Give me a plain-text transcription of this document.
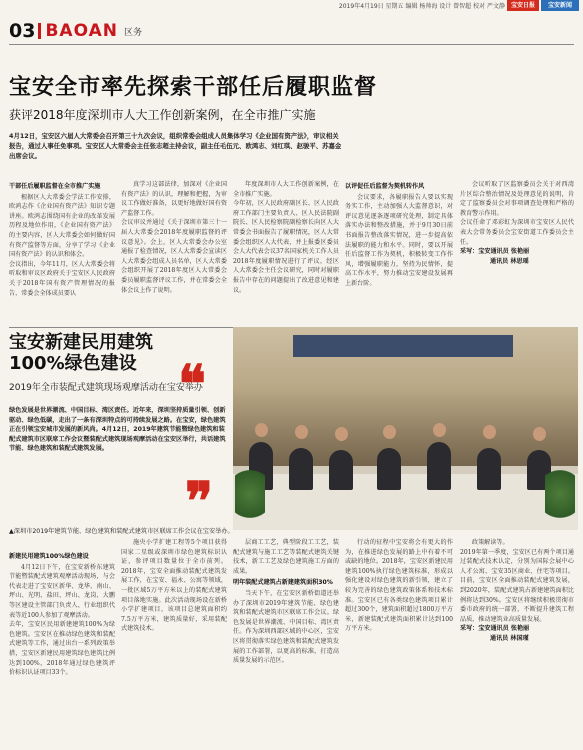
2019年4月19日 星期五 编辑 杨帅海 设计 曾智超 校对 严文静 宝安日报	宝安新闻
03 BAOAN 区务
宝安全市率先探索干部任后履职监督
获评2018年度深圳市人大工作创新案例，在全市推广实施
4月12日，宝安区六届人大常委会召开第三十九次会议，组织常委会组成人员集体学习《企业国有资产法》，审议相关报告，通过人事任免事项。宝安区人大常委会主任张志超主持会议，副主任毛伍元、欧鸿志、刘红琪、赵骏平、苏嘉金出席会议。

干部任后履职监督在全市推广实施

根据区人大常委会学法工作安排，欧鸿志作《企业国有资产法》知识专题讲座。欧鸿志围绕国有企业的改革发展历程及地位作用，《企业国有资产法》的主要内容，区人大常委会如何做好国有资产监督等方面，分享了学习《企业国有资产法》的认识和体会。
会议指出，今年11月，区人大常委会将听取和审议区政府关于宝安区人民政府关于2018年国有资产管理情况的报告，常委会全体成员要认

真学习这部法律，加深对《企业国有资产法》的认识，理解和把握，为审议工作做好准备，以更好地做好国有资产监督工作。
会议审议并通过《关于深圳市第三十一届人大常委会2018年度履职监督的评议意见》。会上，区人大常委会办公室通报了检查情况，区人大常委会宣读区人大常委会组成人员名单，区人大常委会组织开展了2018年度区人大常委会委员履职监督评议工作，并在常委会全体会议上作了说明。

年度深圳市人大工作创新案例，在全市推广实施。
今年初，区人民政府副区长、区人民政府工作部门主要负责人、区人民法院副院长、区人民检察院副检察长向区人大常委会书面报告了履职情况，区人大常委会组织区人大代表，并上报委区委员会人大代表会议37名国家机关工作人员2018年度履职情况进行了评议，经区人大常委会主任会议研究，同时对履职报告中存在的问题提出了改进意见和建议。

以评促任后监督为契机转作风

会议要求，各履职报告人要以实现务实工作，主动加强人大监督意识，对评议意见逐条逐项研究处理，制定具体落实办法和整改措施，并于9月30日前书面报告整改落实情况，进一步提高依法履职的能力和水平。同时，要以开展任后监督工作为契机，积极转变工作作风，增强履职能力，坚持为民情怀，提高工作水平，努力推动宝安建设发展再上新台阶。

会议听取了区监察委员会关于对西湾片区综合整治情况及处理意见的说明，肯定了监察委员会对事项调查处理和严格的教育警示作用。
会议任命了邓彩虹为深圳市宝安区人民代表大会常务委员会宝安街道工作委员会主任。

采写：宝安通讯员 张艳丽

通讯员 林思瑶

宝安新建民用建筑
100%绿色建设
2019年全市装配式建筑现场观摩活动在宝安举办
绿色发展是世界潮流、中国目标、湾区责任。近年来，深圳坚持质量引领、创新驱动、绿色低碳，走出了一条有深圳特点的可持续发展之路。在宝安，绿色建筑正在引领宝安城市发展的新风尚。4月12日，2019年建筑节能暨绿色建筑和装配式建筑市区联席工作会议暨装配式建筑现场观摩活动在宝安区举行，共话建筑节能、绿色建筑和装配式建筑发展。
❝
❞
▲深圳市2019年建筑节能、绿色建筑和装配式建筑市区联席工作会议在宝安举办。

新建民用建筑100%绿色建设

4月12日下午，在宝安新桥东建筑节能暨装配式建筑观摩活动现场，与会代表走进了宝安区新华、龙华、南山、坪山、光明、盐田、坪山、龙岗、大鹏等区建设主管部门负责人、行业组织代表等近100人参加了观摩活动。
去年，宝安区民用新建建筑100%为绿色建筑。宝安区在推动绿色建筑和装配式建筑等工作，通过出台一系列政策举措，宝安区新建民用建筑绿色建筑比例达到100%，2018年通过绿色建筑评价标识认证项目33个。

施央小学扩建工程等5个项目获得国家二星级或深圳市绿色建筑标识认证，参评项目数量位于全市前列。2018年，宝安全面推动装配式建筑发展工作，在宝安、福永、公寓等领域，一批区域5万平方米以上的装配式建筑项目落地实施。此次活动现场设在新桥小学扩建项目，该项目总建筑面积约7.5万平方米，建筑质量好，采用装配式建筑技术。

层商工工艺，典型阶段工工艺，装配式建筑与施工工艺等装配式建筑关键技术，新工工艺及绿色建筑施工方面的成果。

明年装配式建筑占新建建筑面积30%

当天下午，在宝安区新桥街道还举办了深圳市2019年建筑节能、绿色建筑和装配式建筑市区联席工作会议。绿色发展是世界潮流、中国目标、湾区责任。作为深圳西部区域的中心区，宝安区将贯彻落实绿色建筑和装配式建筑发展的工作部署，以更高的标准，打造高质量发展的示范区。

行动的征程中宝安将会有更大的作为，在推进绿色发展的路上中有着不可或缺的地位。2018年，宝安区新建民用建筑100%执行绿色建筑标准，形成以强化建设对绿色建筑的新引领，建立了较为完善的绿色建筑政策体系和技术标准。宝安区已有各类绿色建筑项目累计超过300个，建筑面积超过1800万平方米，新建装配式建筑面积累计达到100万平方米。

政策解读等。
2019年第一季度，宝安区已有两个项目通过装配式技术认定，分别为国际会展中心人才公寓、宝安35区商业、住宅等项目。目前，宝安区全面推动装配式建筑发展，到2020年，装配式建筑占新建建筑面积比例将达到30%。宝安区将继续积极贯彻市委市政府的统一部署，不断提升建筑工程品质，推动建筑业高质量发展。

采写：宝安通讯员 张艳丽

通讯员 林国瑾
